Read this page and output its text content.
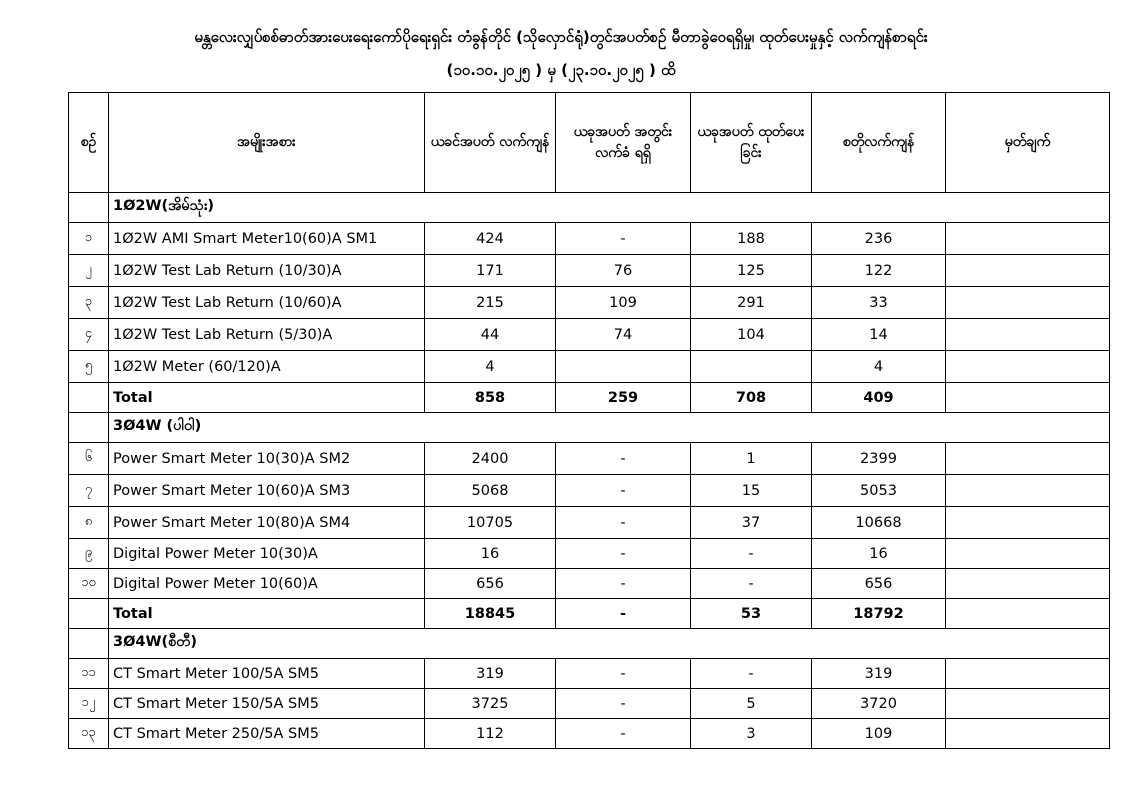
မန္တလေးလျှပ်စစ်ဓာတ်အားပေးရေးကော်ပိုရေးရှင်း တံခွန်တိုင် (သိုလှောင်ရုံ)တွင်အပတ်စဉ် မီတာခွဲဝေရရှိမှု၊ ထုတ်ပေးမှုနှင့် လက်ကျန်စာရင်း
(၁၀.၁၀.၂၀၂၅ ) မှ (၂၃.၁၀.၂၀၂၅ ) ထိ
စဉ်	အမျိုးအစား	ယခင်အပတ် လက်ကျန်	ယခုအပတ် အတွင်းလက်ခံ ရရှိ	ယခုအပတ် ထုတ်ပေးခြင်း	စတိုလက်ကျန်	မှတ်ချက်
	1Ø2W(အိမ်သုံး)					
၁	1Ø2W AMI Smart Meter10(60)A SM1	424	-	188	236	
၂	1Ø2W Test Lab Return (10/30)A	171	76	125	122	
၃	1Ø2W Test Lab Return (10/60)A	215	109	291	33	
၄	1Ø2W Test Lab Return (5/30)A	44	74	104	14	
၅	1Ø2W Meter (60/120)A	4			4	
	Total	858	259	708	409	
	3Ø4W (ပါဝါ)					
၆	Power Smart Meter 10(30)A SM2	2400	-	1	2399	
၇	Power Smart Meter 10(60)A SM3	5068	-	15	5053	
၈	Power Smart Meter 10(80)A SM4	10705	-	37	10668	
၉	Digital Power Meter 10(30)A	16	-	-	16	
၁၀	Digital Power Meter 10(60)A	656	-	-	656	
	Total	18845	-	53	18792	
	3Ø4W(စီတီ)					
၁၁	CT Smart Meter 100/5A SM5	319	-	-	319	
၁၂	CT Smart Meter 150/5A SM5	3725	-	5	3720	
၁၃	CT Smart Meter 250/5A SM5	112	-	3	109	
